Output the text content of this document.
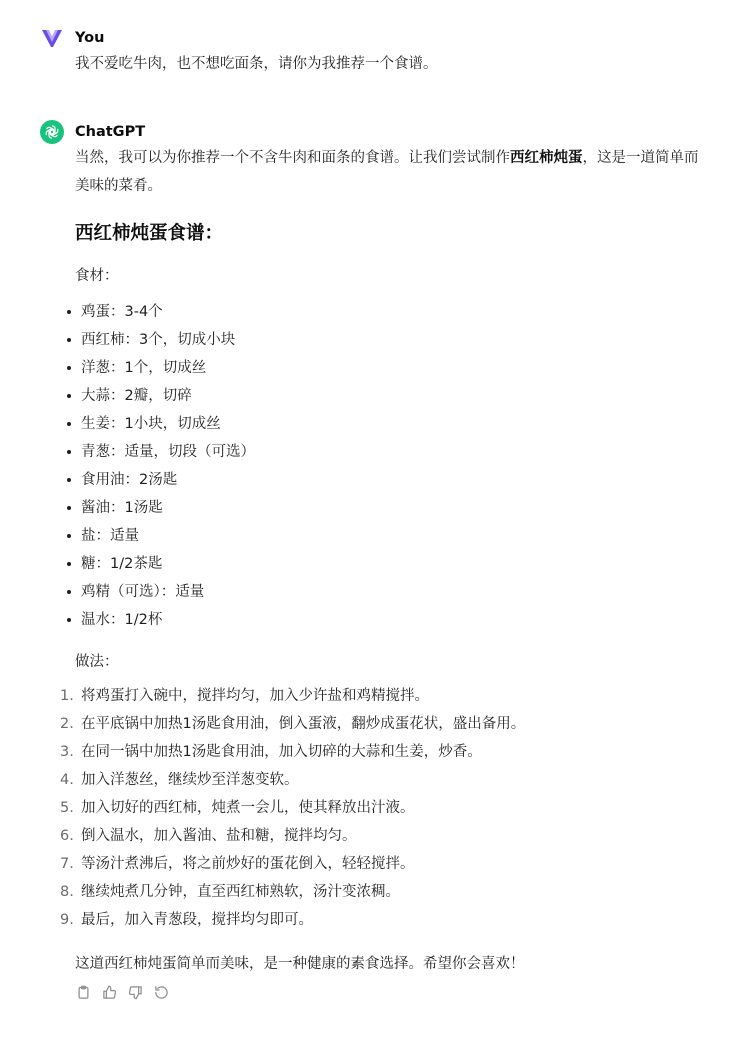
You
我不爱吃牛肉，也不想吃面条，请你为我推荐一个食谱。
ChatGPT
当然，我可以为你推荐一个不含牛肉和面条的食谱。让我们尝试制作西红柿炖蛋，这是一道简单而美味的菜肴。
西红柿炖蛋食谱：
食材：
鸡蛋：3-4个
西红柿：3个，切成小块
洋葱：1个，切成丝
大蒜：2瓣，切碎
生姜：1小块，切成丝
青葱：适量，切段（可选）
食用油：2汤匙
酱油：1汤匙
盐：适量
糖：1/2茶匙
鸡精（可选）：适量
温水：1/2杯
做法：
1. 将鸡蛋打入碗中，搅拌均匀，加入少许盐和鸡精搅拌。
2. 在平底锅中加热1汤匙食用油，倒入蛋液，翻炒成蛋花状，盛出备用。
3. 在同一锅中加热1汤匙食用油，加入切碎的大蒜和生姜，炒香。
4. 加入洋葱丝，继续炒至洋葱变软。
5. 加入切好的西红柿，炖煮一会儿，使其释放出汁液。
6. 倒入温水，加入酱油、盐和糖，搅拌均匀。
7. 等汤汁煮沸后，将之前炒好的蛋花倒入，轻轻搅拌。
8. 继续炖煮几分钟，直至西红柿熟软，汤汁变浓稠。
9. 最后，加入青葱段，搅拌均匀即可。
这道西红柿炖蛋简单而美味，是一种健康的素食选择。希望你会喜欢！
